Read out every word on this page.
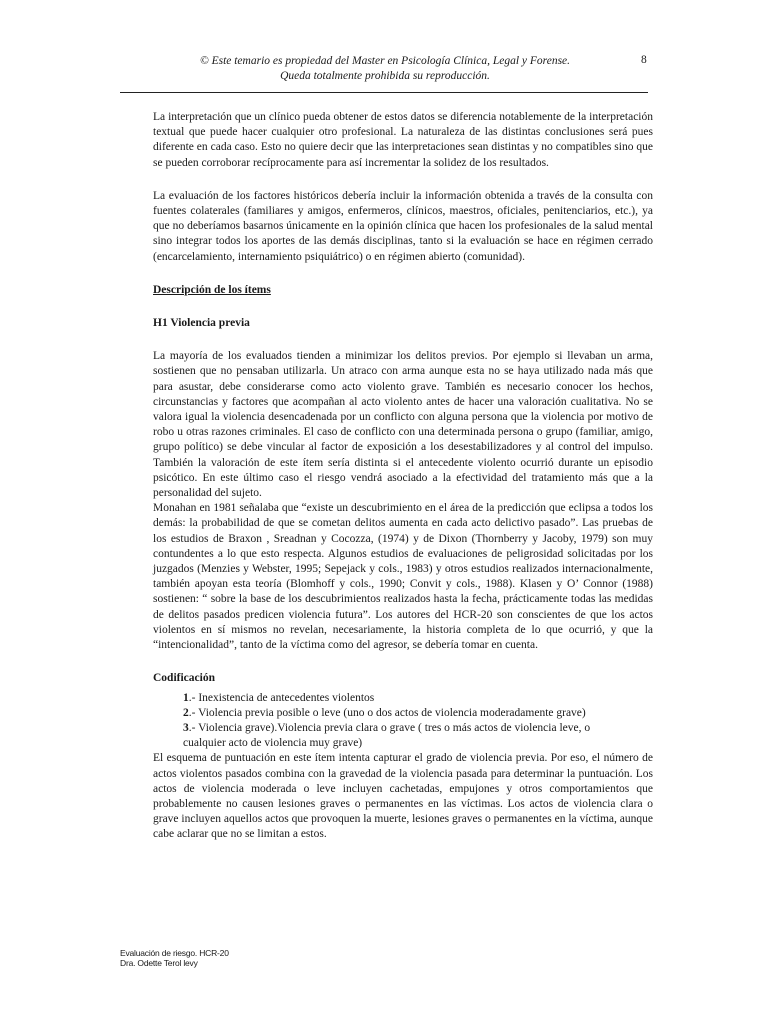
© Este temario es propiedad del Master en Psicología Clínica, Legal y Forense.
Queda totalmente prohibida su reproducción.
8

La interpretación que un clínico pueda obtener de estos datos se diferencia notablemente de la interpretación textual que puede hacer cualquier otro profesional. La naturaleza de las distintas conclusiones será pues diferente en cada caso. Esto no quiere decir que las interpretaciones sean distintas y no compatibles sino que se pueden corroborar recíprocamente para así incrementar la solidez de los resultados.

La evaluación de los factores históricos debería incluir la información obtenida a través de la consulta con fuentes colaterales (familiares y amigos, enfermeros, clínicos, maestros, oficiales, penitenciarios, etc.), ya que no deberíamos basarnos únicamente en la opinión clínica que hacen los profesionales de la salud mental sino integrar todos los aportes de las demás disciplinas, tanto si la evaluación se hace en régimen cerrado (encarcelamiento, internamiento psiquiátrico) o en régimen abierto (comunidad).

Descripción de los ítems

H1 Violencia previa

La mayoría de los evaluados tienden a minimizar los delitos previos. Por ejemplo si llevaban un arma, sostienen que no pensaban utilizarla. Un atraco con arma aunque esta no se haya utilizado nada más que para asustar, debe considerarse como acto violento grave. También es necesario conocer los hechos, circunstancias y factores que acompañan al acto violento antes de hacer una valoración cualitativa. No se valora igual la violencia desencadenada por un conflicto con alguna persona que la violencia por motivo de robo u otras razones criminales. El caso de conflicto con una determinada persona o grupo (familiar, amigo, grupo político) se debe vincular al factor de exposición a los desestabilizadores y al control del impulso. También la valoración de este ítem sería distinta si el antecedente violento ocurrió durante un episodio psicótico. En este último caso el riesgo vendrá asociado a la efectividad del tratamiento más que a la personalidad del sujeto.

Monahan en 1981 señalaba que “existe un descubrimiento en el área de la predicción que eclipsa a todos los demás: la probabilidad de que se cometan delitos aumenta en cada acto delictivo pasado”. Las pruebas de los estudios de Braxon , Sreadnan y Cocozza, (1974) y de Dixon (Thornberry y Jacoby, 1979) son muy contundentes a lo que esto respecta. Algunos estudios de evaluaciones de peligrosidad solicitadas por los juzgados (Menzies y Webster, 1995; Sepejack y cols., 1983) y otros estudios realizados internacionalmente, también apoyan esta teoría (Blomhoff y cols., 1990; Convit y cols., 1988). Klasen y O’ Connor (1988) sostienen: “ sobre la base de los descubrimientos realizados hasta la fecha, prácticamente todas las medidas de delitos pasados predicen violencia futura”. Los autores del HCR-20 son conscientes de que los actos violentos en sí mismos no revelan, necesariamente, la historia completa de lo que ocurrió, y que la “intencionalidad”, tanto de la víctima como del agresor, se debería tomar en cuenta.

Codificación

1.- Inexistencia de antecedentes violentos

2.- Violencia previa posible o leve (uno o dos actos de violencia moderadamente grave)

3.- Violencia grave).Violencia previa clara o grave ( tres o más actos de violencia leve, o

cualquier acto de violencia muy grave)

El esquema de puntuación en este ítem intenta capturar el grado de violencia previa. Por eso, el número de actos violentos pasados combina con la gravedad de la violencia pasada para determinar la puntuación. Los actos de violencia moderada o leve incluyen cachetadas, empujones y otros comportamientos que probablemente no causen lesiones graves o permanentes en las víctimas. Los actos de violencia clara o grave incluyen aquellos actos que provoquen la muerte, lesiones graves o permanentes en la víctima, aunque cabe aclarar que no se limitan a estos.

Evaluación de riesgo. HCR-20
Dra. Odette Terol levy
